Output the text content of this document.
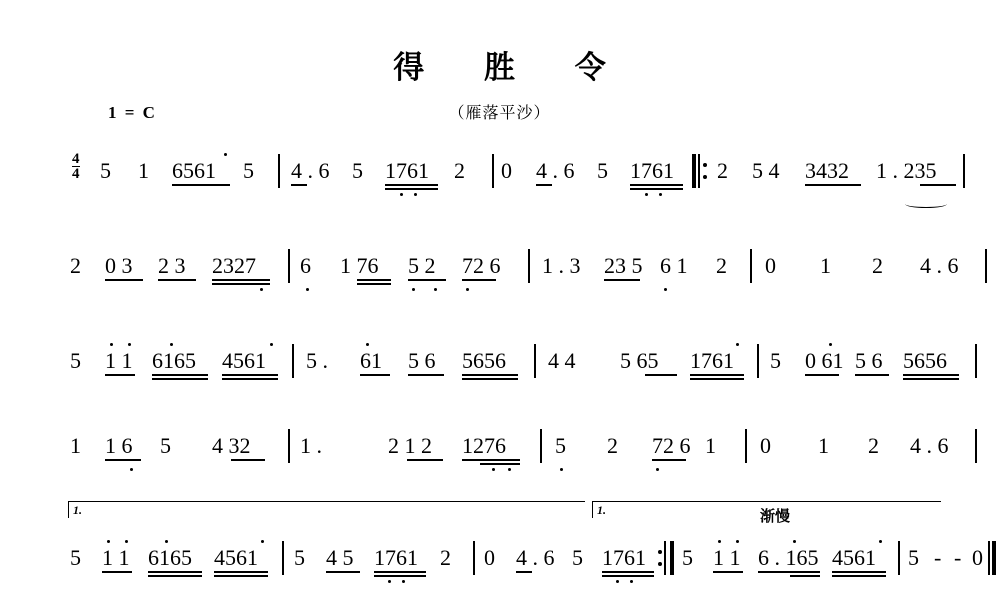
得 胜 令
（雁落平沙）
1 = C
$\frac{4}{4} 5$ 1 6561 5 4 . 6 5 1761 2 0 4 . 6 5 1761 2 5 4 3432 1 . 235
2 0 3 2 3 2327 6 1 76 5 2 72 6 1 . 3 23 5 6 1 2 0 1 2 4 . 6
5 1 1 6165 4561 5 . 61 5 6 5656 4 4 5 65 1761 5 0 61 5 6 5656
1 1 6 5 4 32 1 .	2 1 2 1276 5 2 72 6 1 0 1 2 4 . 6
1.	1.	渐慢
5 1 1 6165 4561 5 4 5 1761 2 0 4 . 6 5 1761 5 1 1 6 . 165 4561 5 - - 0
